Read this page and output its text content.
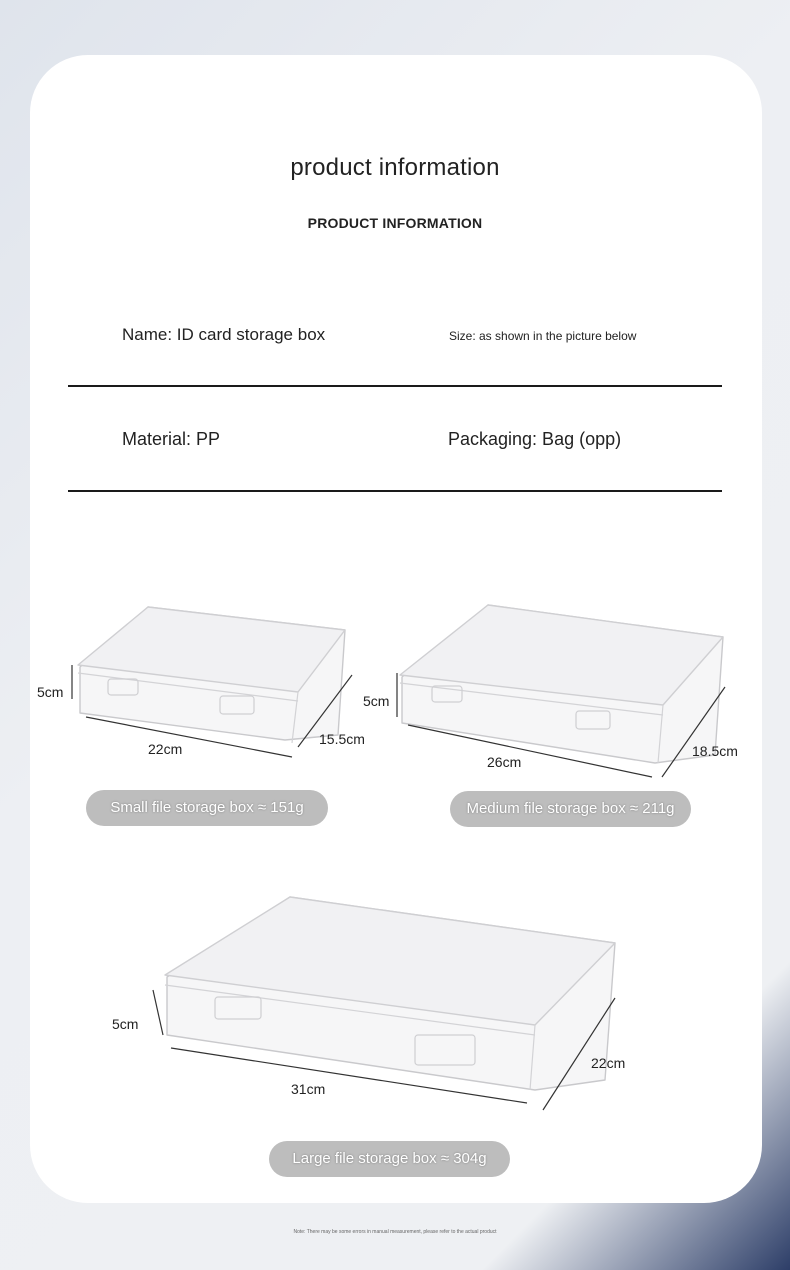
product information
PRODUCT INFORMATION
Name: ID card storage box	Size: as shown in the picture below
Material: PP	Packaging: Bag (opp)
5cm
22cm
15.5cm
Small file storage box ≈ 151g
5cm
26cm
18.5cm
Medium file storage box ≈ 211g
5cm
31cm
22cm
Large file storage box ≈ 304g
Note: There may be some errors in manual measurement, please refer to the actual product
